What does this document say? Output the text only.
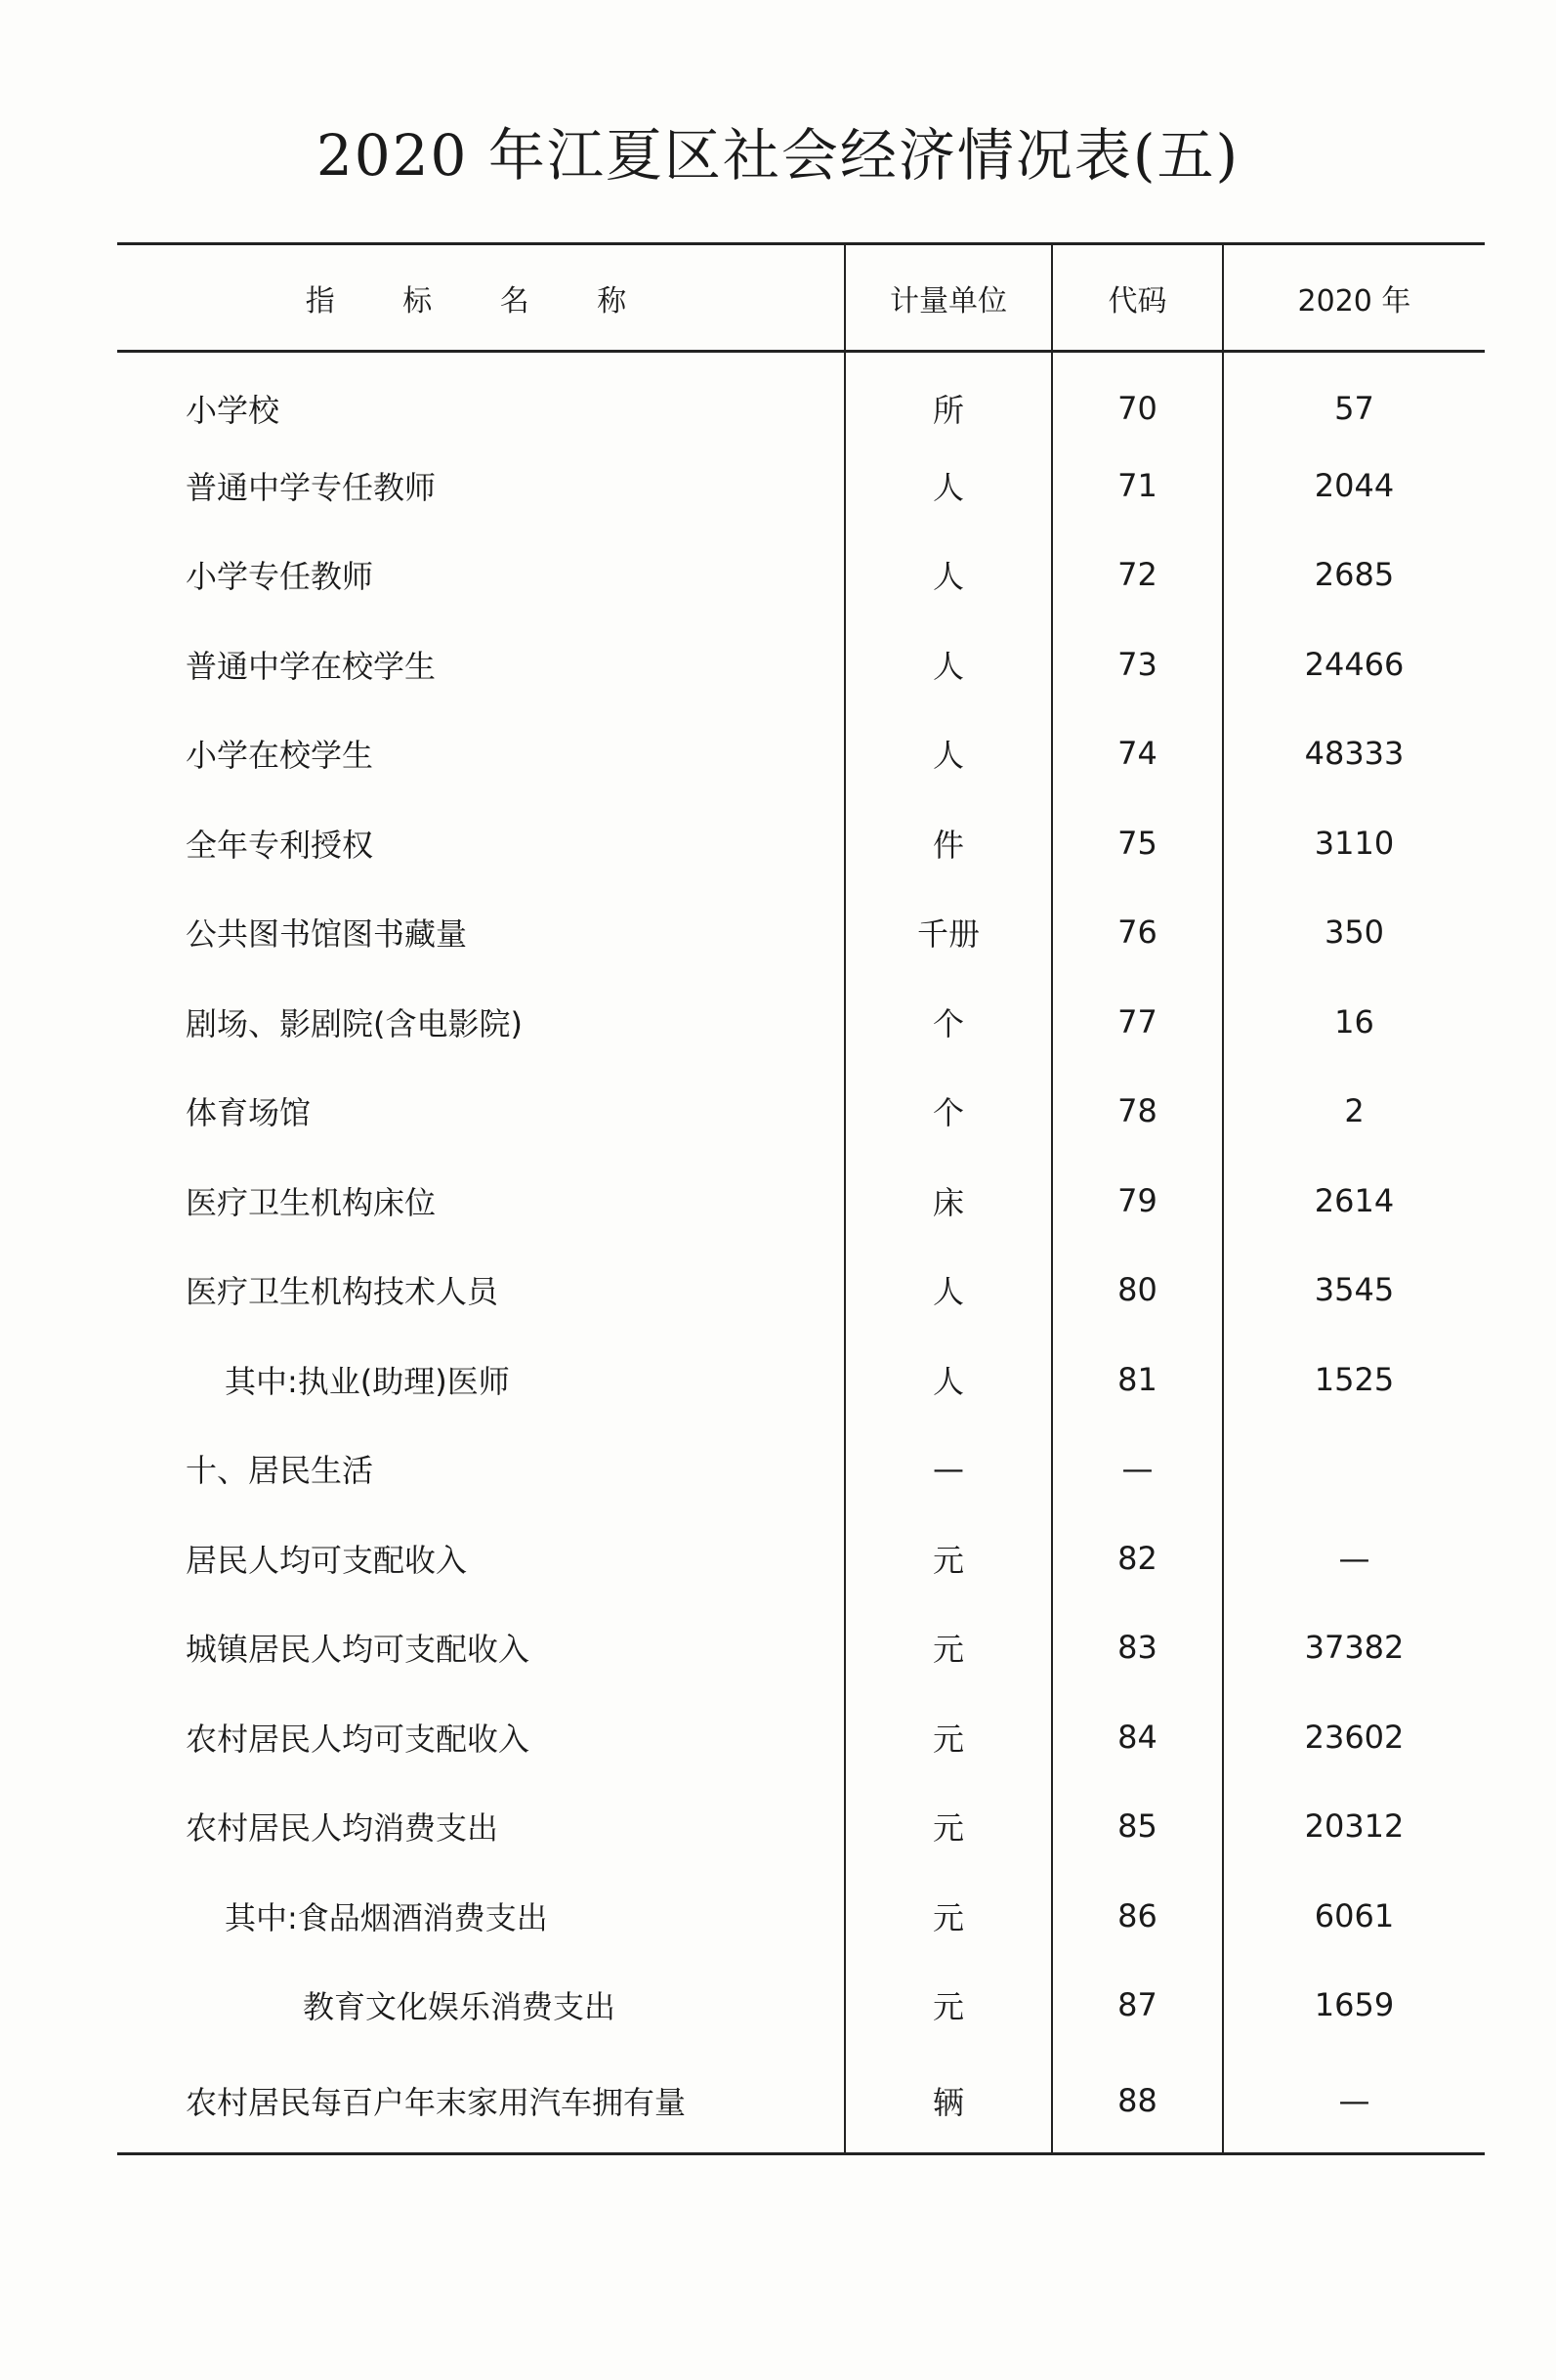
2020 年江夏区社会经济情况表(五)
指 标 名 称	计量单位	代码	2020 年
小学校	所	70	57
普通中学专任教师	人	71	2044
小学专任教师	人	72	2685
普通中学在校学生	人	73	24466
小学在校学生	人	74	48333
全年专利授权	件	75	3110
公共图书馆图书藏量	千册	76	350
剧场、影剧院(含电影院)	个	77	16
体育场馆	个	78	2
医疗卫生机构床位	床	79	2614
医疗卫生机构技术人员	人	80	3545
其中:执业(助理)医师	人	81	1525
十、居民生活	—	—	
居民人均可支配收入	元	82	—
城镇居民人均可支配收入	元	83	37382
农村居民人均可支配收入	元	84	23602
农村居民人均消费支出	元	85	20312
其中:食品烟酒消费支出	元	86	6061
教育文化娱乐消费支出	元	87	1659
农村居民每百户年末家用汽车拥有量	辆	88	—
